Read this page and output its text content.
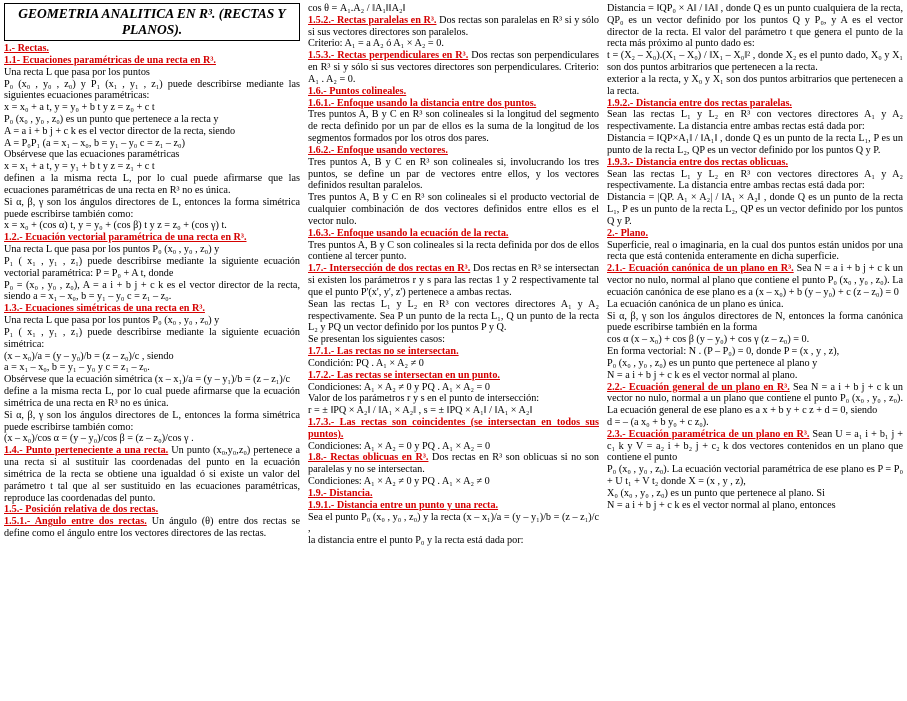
GEOMETRIA ANALITICA EN R³. (RECTAS Y PLANOS).
1.- Rectas.
1.1- Ecuaciones paramétricas de una recta en R³.
Una recta L que pasa por los puntos
P₀ (x₀ , y₀ , z₀) y P₁ (x₁ , y₁ , z₁) puede describirse mediante las siguientes ecuaciones paramétricas:
x = x₀ + a t, y = y₀ + b t y z = z₀ + c t
P₀ (x₀ , y₀ , z₀) es un punto que pertenece a la recta y
A = a i + b j + c k es el vector director de la recta, siendo
A = P₀P₁ (a = x₁ – x₀, b = y₁ – y₀ c = z₁ – z₀)
Obsérvese que las ecuaciones paramétricas
x = x₁ + a t, y = y₁ + b t y z = z₁ + c t
definen a la misma recta L, por lo cual puede afirmarse que las ecuaciones paramétricas de una recta en R³ no es única.
Si α, β, γ son los ángulos directores de L, entonces la forma simétrica puede escribirse también como:
x = x₀ + (cos α) t, y = y₀ + (cos β) t y z = z₀ + (cos γ) t.
1.2.- Ecuación vectorial paramétrica de una recta en R³.
Una recta L que pasa por los puntos P₀ (x₀ , y₀ , z₀) y
P₁ ( x₁ , y₁ , z₁) puede describirse mediante la siguiente ecuación vectorial paramétrica: P = P₀ + A t, donde
P₀ = (x₀ , y₀ , z₀), A = a i + b j + c k es el vector director de la recta, siendo a = x₁ – x₀, b = y₁ – y₀ c = z₁ – z₀.
1.3.- Ecuaciones simétricas de una recta en R³.
Una recta L que pasa por los puntos P₀ (x₀ , y₀ , z₀) y
P₁ ( x₁ , y₁ , z₁) puede describirse mediante la siguiente ecuación simétrica:
(x – x₀)/a = (y – y₀)/b = (z – z₀)/c , siendo
a = x₁ – x₀, b = y₁ – y₀ y c = z₁ – z₀.
Obsérvese que la ecuación simétrica (x – x₁)/a = (y – y₁)/b = (z – z₁)/c
define a la misma recta L, por lo cual puede afirmarse que la ecuación simétrica de una recta en R³ no es única.
Si α, β, γ son los ángulos directores de L, entonces la forma simétrica puede escribirse también como:
(x – x₀)/cos α = (y – y₀)/cos β = (z – z₀)/cos γ .
1.4.- Punto perteneciente a una recta. Un punto (x₀,y₀,z₀) pertenece a una recta si al sustituir las coordenadas del punto en la ecuación simétrica de la recta se obtiene una igualdad ó si existe un valor del parámetro t tal que al ser sustituido en las ecuaciones paramétricas, reproduce las coordenadas del punto.
1.5.- Posición relativa de dos rectas.
1.5.1.- Angulo entre dos rectas. Un ángulo (θ) entre dos rectas se define como el ángulo entre los vectores directores de las rectas.
cos θ = A₁.A₂ / ‖A₁‖‖A₂‖
1.5.2.- Rectas paralelas en R³. Dos rectas son paralelas en R³ si y sólo si sus vectores directores son paralelos.
Criterio: A₁ = a A₂ ó A₁ × A₂ = 0.
1.5.3.- Rectas perpendiculares en R³. Dos rectas son perpendiculares en R³ si y sólo si sus vectores directores son perpendiculares. Criterio: A₁ . A₂ = 0.
1.6.- Puntos colineales.
1.6.1.- Enfoque usando la distancia entre dos puntos.
Tres puntos A, B y C en R³ son colineales si la longitud del segmento de recta definido por un par de ellos es la suma de la longitud de los segmentos formados por los otros dos pares.
1.6.2.- Enfoque usando vectores.
Tres puntos A, B y C en R³ son colineales si, involucrando los tres puntos, se define un par de vectores entre ellos, y los vectores definidos resultan paralelos.
Tres puntos A, B y C en R³ son colineales si el producto vectorial de cualquier combinación de dos vectores definidos entre ellos es el vector nulo.
1.6.3.- Enfoque usando la ecuación de la recta.
Tres puntos A, B y C son colineales si la recta definida por dos de ellos contiene al tercer punto.
1.7.- Intersección de dos rectas en R³. Dos rectas en R³ se intersectan si existen los parámetros r y s para las rectas 1 y 2 respectivamente tal que el punto P'(x', y', z') pertenece a ambas rectas.
Sean las rectas L₁ y L₂ en R³ con vectores directores A₁ y A₂ respectivamente. Sea P un punto de la recta L₁, Q un punto de la recta L₂ y PQ un vector definido por los puntos P y Q.
Se presentan los siguientes casos:
1.7.1.- Las rectas no se intersectan.
Condición: PQ . A₁ × A₂ ≠ 0
1.7.2.- Las rectas se intersectan en un punto.
Condiciones: A₁ × A₂ ≠ 0 y PQ . A₁ × A₂ = 0
Valor de los parámetros r y s en el punto de intersección:
r = ± ‖PQ × A₂‖ / ‖A₁ × A₂‖ , s = ± ‖PQ × A₁‖ / ‖A₁ × A₂‖
1.7.3.- Las rectas son coincidentes (se intersectan en todos sus puntos).
Condiciones: A₁ × A₂ = 0 y PQ . A₁ × A₂ = 0
1.8.- Rectas oblicuas en R³. Dos rectas en R³ son oblicuas si no son paralelas y no se intersectan.
Condiciones: A₁ × A₂ ≠ 0 y PQ . A₁ × A₂ ≠ 0
1.9.- Distancia.
1.9.1.- Distancia entre un punto y una recta.
Sea el punto P₀ (x₀ , y₀ , z₀) y la recta (x – x₁)/a = (y – y₁)/b = (z – z₁)/c ,
la distancia entre el punto P₀ y la recta está dada por:
Distancia = ‖QP₀ × A‖ / ‖A‖ , donde Q es un punto cualquiera de la recta, QP₀ es un vector definido por los puntos Q y P₀, y A es el vector director de la recta. El valor del parámetro t que genera el punto de la recta más próximo al punto dado es:
t = (X₂ – X₀).(X₁ – X₀) / ‖X₁ – X₀‖² , donde X₂ es el punto dado, X₀ y X₁ son dos puntos arbitrarios que pertenecen a la recta.
exterior a la recta, y X₀ y X₁ son dos puntos arbitrarios que pertenecen a la recta.
1.9.2.- Distancia entre dos rectas paralelas.
Sean las rectas L₁ y L₂ en R³ con vectores directores A₁ y A₂ respectivamente. La distancia entre ambas rectas está dada por:
Distancia = ‖QP×A₁‖ / ‖A₁‖ , donde Q es un punto de la recta L₁, P es un punto de la recta L₂, QP es un vector definido por los puntos Q y P.
1.9.3.- Distancia entre dos rectas oblicuas.
Sean las rectas L₁ y L₂ en R³ con vectores directores A₁ y A₂ respectivamente. La distancia entre ambas rectas está dada por:
Distancia = |QP. A₁ × A₂| / ‖A₁ × A₂‖ , donde Q es un punto de la recta L₁, P es un punto de la recta L₂, QP es un vector definido por los puntos Q y P.
2.- Plano.
Superficie, real o imaginaria, en la cual dos puntos están unidos por una recta que está contenida enteramente en dicha superficie.
2.1.- Ecuación canónica de un plano en R³. Sea N = a i + b j + c k un vector no nulo, normal al plano que contiene el punto P₀ (x₀ , y₀ , z₀). La ecuación canónica de ese plano es a (x – x₀) + b (y – y₀) + c (z – z₀) = 0
La ecuación canónica de un plano es única.
Si α, β, γ son los ángulos directores de N, entonces la forma canónica puede escribirse también en la forma
cos α (x – x₀) + cos β (y – y₀) + cos γ (z – z₀) = 0.
En forma vectorial: N . (P – P₀) = 0, donde P = (x , y , z),
P₀ (x₀ , y₀ , z₀) es un punto que pertenece al plano y
N = a i + b j + c k es el vector normal al plano.
2.2.- Ecuación general de un plano en R³. Sea N = a i + b j + c k un vector no nulo, normal a un plano que contiene el punto P₀ (x₀ , y₀ , z₀). La ecuación general de ese plano es a x + b y + c z + d = 0, siendo
d = – (a x₀ + b y₀ + c z₀).
2.3.- Ecuación paramétrica de un plano en R³. Sean U = a₁ i + b₁ j + c₁ k y V = a₂ i + b₂ j + c₂ k dos vectores contenidos en un plano que contiene el punto
P₀ (x₀ , y₀ , z₀). La ecuación vectorial paramétrica de ese plano es P = P₀ + U t₁ + V t₂ donde X = (x , y , z),
X₀ (x₀ , y₀ , z₀) es un punto que pertenece al plano. Si
N = a i + b j + c k es el vector normal al plano, entonces
